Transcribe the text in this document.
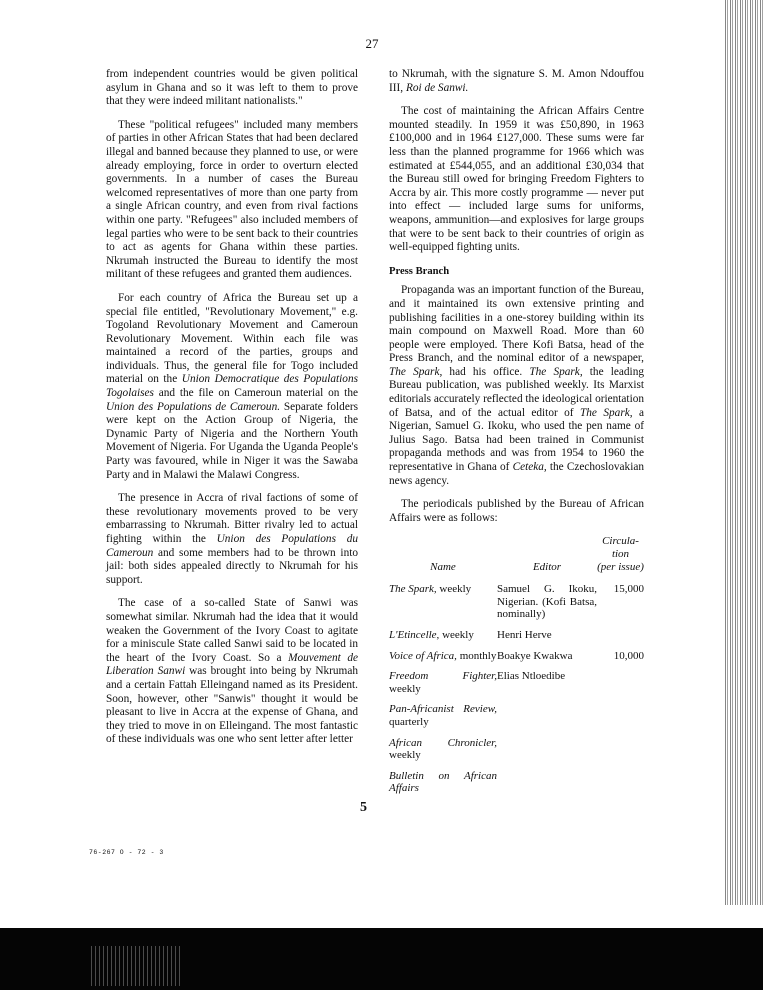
27

from independent countries would be given political asylum in Ghana and so it was left to them to prove that they were indeed militant nationalists."

These "political refugees" included many members of parties in other African States that had been declared illegal and banned because they planned to use, or were already employing, force in order to overturn elected governments. In a number of cases the Bureau welcomed representatives of more than one party from a single African country, and even from rival factions within one party. "Refugees" also included members of legal parties who were to be sent back to their countries to act as agents for Ghana within these parties. Nkrumah instructed the Bureau to identify the most militant of these refugees and granted them audiences.

For each country of Africa the Bureau set up a special file entitled, "Revolutionary Movement," e.g. Togoland Revolutionary Movement and Cameroun Revolutionary Movement. Within each file was maintained a record of the parties, groups and individuals. Thus, the general file for Togo included material on the Union Democratique des Populations Togolaises and the file on Cameroun material on the Union des Populations de Cameroun. Separate folders were kept on the Action Group of Nigeria, the Dynamic Party of Nigeria and the Northern Youth Movement of Nigeria. For Uganda the Uganda People's Party was favoured, while in Niger it was the Sawaba Party and in Malawi the Malawi Congress.

The presence in Accra of rival factions of some of these revolutionary movements proved to be very embarrassing to Nkrumah. Bitter rivalry led to actual fighting within the Union des Populations du Cameroun and some members had to be thrown into jail: both sides appealed directly to Nkrumah for his support.

The case of a so-called State of Sanwi was somewhat similar. Nkrumah had the idea that it would weaken the Government of the Ivory Coast to agitate for a miniscule State called Sanwi said to be located in the heart of the Ivory Coast. So a Mouvement de Liberation Sanwi was brought into being by Nkrumah and a certain Fattah Elleingand named as its President. Soon, however, other "Sanwis" thought it would be pleasant to live in Accra at the expense of Ghana, and they tried to move in on Elleingand. The most fantastic of these individuals was one who sent letter after letter

to Nkrumah, with the signature S. M. Amon Ndouffou III, Roi de Sanwi.

The cost of maintaining the African Affairs Centre mounted steadily. In 1959 it was £50,890, in 1963 £100,000 and in 1964 £127,000. These sums were far less than the planned programme for 1966 which was estimated at £544,055, and an additional £30,034 that the Bureau still owed for bringing Freedom Fighters to Accra by air. This more costly programme — never put into effect — included large sums for uniforms, weapons, ammunition—and explosives for large groups that were to be sent back to their countries of origin as well-equipped fighting units.

Press Branch

Propaganda was an important function of the Bureau, and it maintained its own extensive printing and publishing facilities in a one-storey building within its main compound on Maxwell Road. More than 60 people were employed. There Kofi Batsa, head of the Press Branch, and the nominal editor of a newspaper, The Spark, had his office. The Spark, the leading Bureau publication, was published weekly. Its Marxist editorials accurately reflected the ideological orientation of Batsa, and of the actual editor of The Spark, a Nigerian, Samuel G. Ikoku, who used the pen name of Julius Sago. Batsa had been trained in Communist propaganda methods and was from 1954 to 1960 the representative in Ghana of Ceteka, the Czechoslovakian news agency.

The periodicals published by the Bureau of African Affairs were as follows:

Name	Editor	Circula-
tion
(per issue)

The Spark, weekly	Samuel G. Ikoku, Nigerian. (Kofi Batsa, nominally)	15,000
L'Etincelle, weekly	Henri Herve	
Voice of Africa, monthly	Boakye Kwakwa	10,000
Freedom Fighter, weekly	Elias Ntloedibe	
Pan-Africanist Review, quarterly		
African Chronicler, weekly		
Bulletin on African Affairs		
5
76-267 O - 72 - 3
